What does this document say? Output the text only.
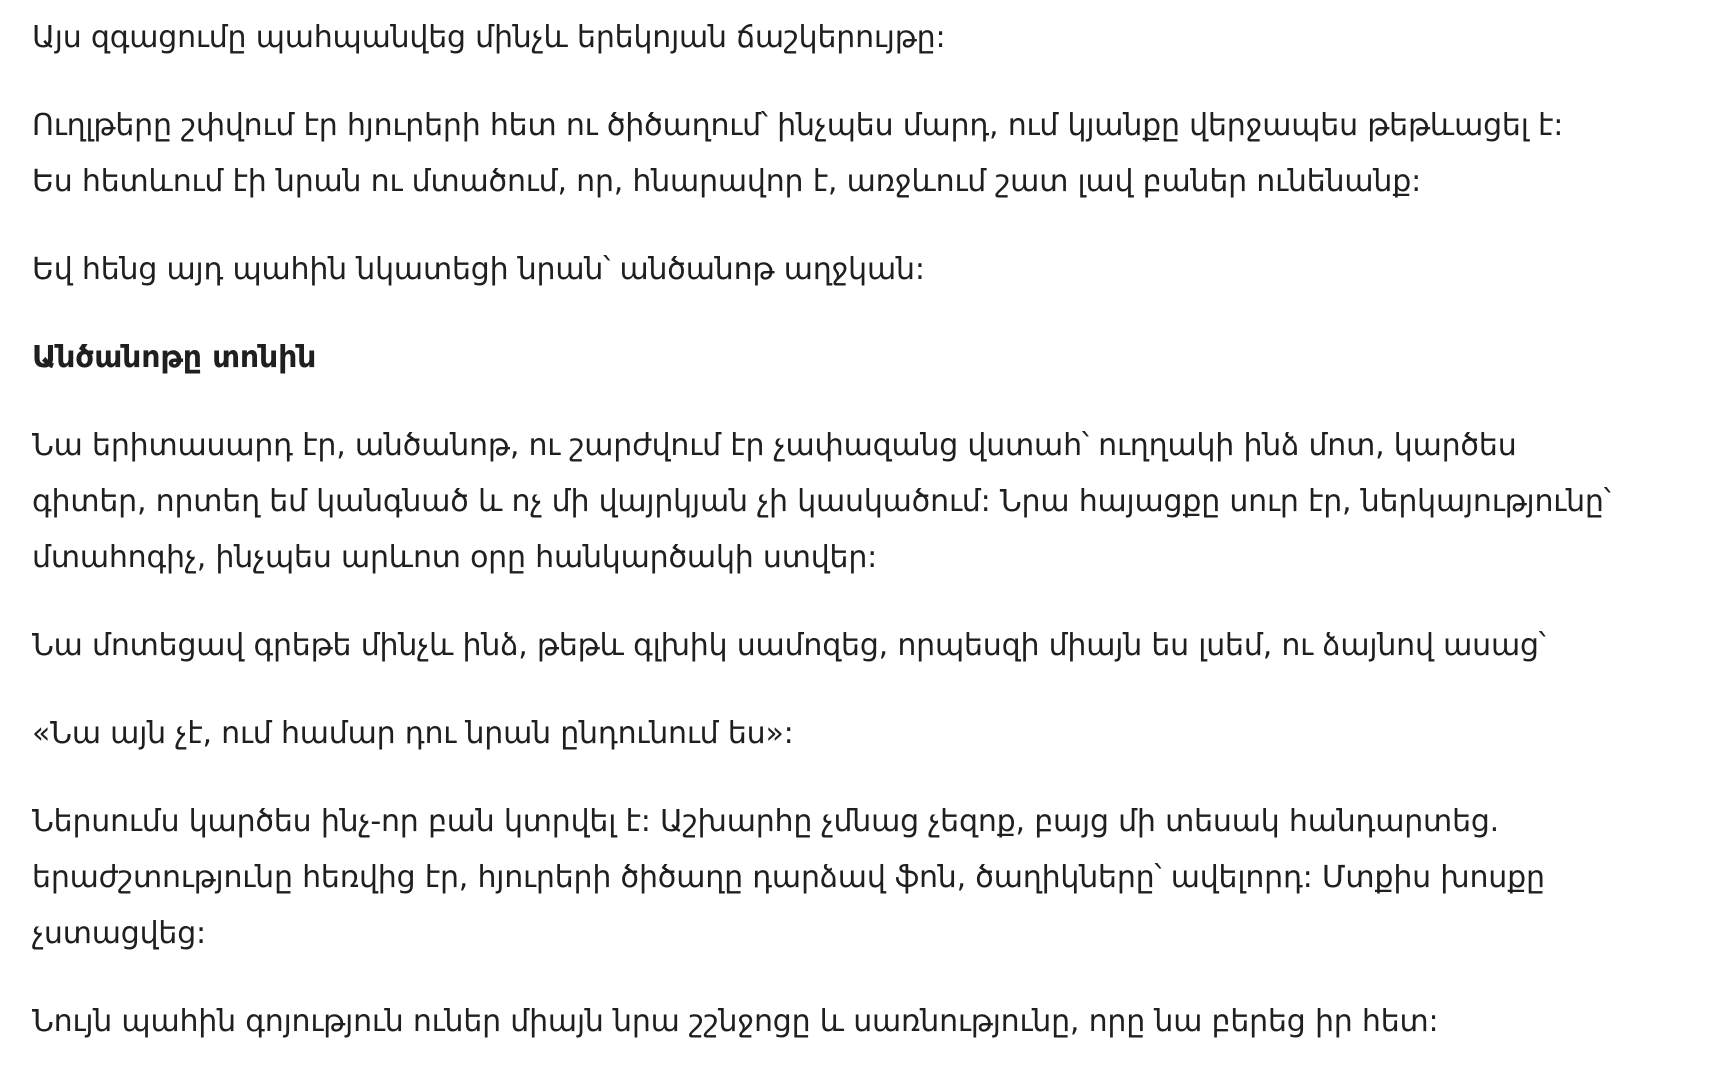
Այս զգացումը պահպանվեց մինչև երեկոյան ճաշկերույթը:

Ուղլթերը շփվում էր հյուրերի հետ ու ծիծաղում՝ ինչպես մարդ, ում կյանքը վերջապես թեթևացել է:
Ես հետևում էի նրան ու մտածում, որ, հնարավոր է, առջևում շատ լավ բաներ ունենանք:

Եվ հենց այդ պահին նկատեցի նրան՝ անծանոթ աղջկան:

Անծանոթը տոնին

Նա երիտասարդ էր, անծանոթ, ու շարժվում էր չափազանց վստահ՝ ուղղակի ինձ մոտ, կարծես
գիտեր, որտեղ եմ կանգնած և ոչ մի վայրկյան չի կասկածում: Նրա հայացքը սուր էր, ներկայությունը՝
մտահոգիչ, ինչպես արևոտ օրը հանկարծակի ստվեր:

Նա մոտեցավ գրեթե մինչև ինձ, թեթև գլխիկ սամոզեց, որպեսզի միայն ես լսեմ, ու ձայնով ասաց՝

«Նա այն չէ, ում համար դու նրան ընդունում ես»:

Ներսումս կարծես ինչ-որ բան կտրվել է: Աշխարհը չմնաց չեզոք, բայց մի տեսակ հանդարտեց.
երաժշտությունը հեռվից էր, հյուրերի ծիծաղը դարձավ ֆոն, ծաղիկները՝ ավելորդ: Մտքիս խոսքը
չստացվեց:

Նույն պահին գոյություն ուներ միայն նրա շշնջոցը և սառնությունը, որը նա բերեց իր հետ:
